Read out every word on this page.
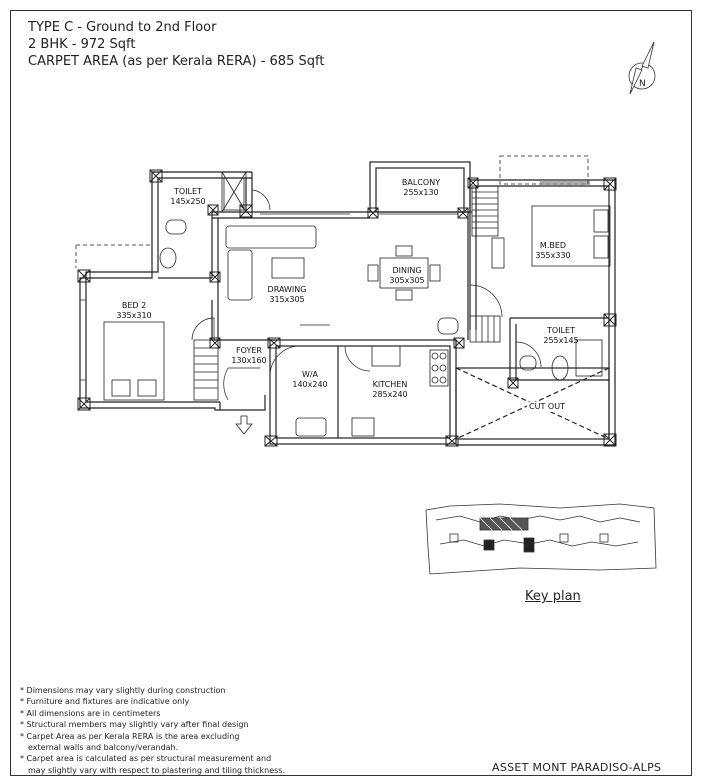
TYPE C - Ground to 2nd Floor
2 BHK - 972 Sqft
CARPET AREA (as per Kerala RERA) - 685 Sqft
N
TOILET
145x250
BALCONY
255x130
M.BED
355x330
DINING
305x305
DRAWING
315x305
BED 2
335x310
TOILET
255x145
FOYER
130x160
W/A
140x240	KITCHEN
285x240
CUT OUT
Key plan
* Dimensions may vary slightly during construction
* Furniture and fixtures are indicative only
* All dimensions are in centimeters
* Structural members may slightly vary after final design
* Carpet Area as per Kerala RERA is the area excluding
external walls and balcony/verandah.
* Carpet area is calculated as per structural measurement and
may slightly vary with respect to plastering and tiling thickness.	ASSET MONT PARADISO-ALPS
